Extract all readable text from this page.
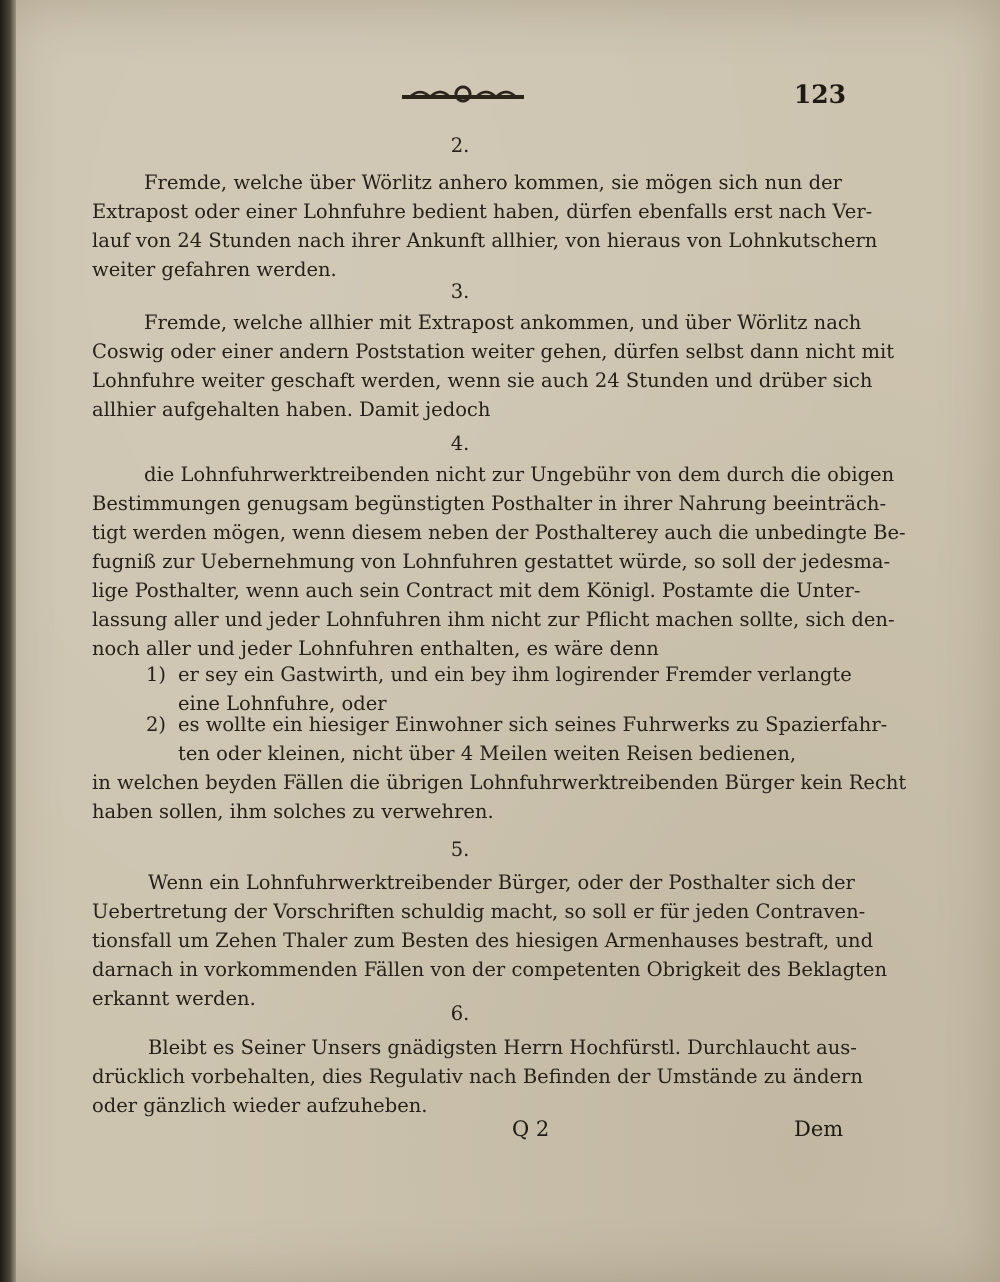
123
2.
Fremde, welche über Wörlitz anhero kommen, sie mögen sich nun der
Extrapost oder einer Lohnfuhre bedient haben, dürfen ebenfalls erst nach Ver-
lauf von 24 Stunden nach ihrer Ankunft allhier, von hieraus von Lohnkutschern
weiter gefahren werden.
3.
Fremde, welche allhier mit Extrapost ankommen, und über Wörlitz nach
Coswig oder einer andern Poststation weiter gehen, dürfen selbst dann nicht mit
Lohnfuhre weiter geschaft werden, wenn sie auch 24 Stunden und drüber sich
allhier aufgehalten haben. Damit jedoch
4.
die Lohnfuhrwerktreibenden nicht zur Ungebühr von dem durch die obigen
Bestimmungen genugsam begünstigten Posthalter in ihrer Nahrung beeinträch-
tigt werden mögen, wenn diesem neben der Posthalterey auch die unbedingte Be-
fugniß zur Uebernehmung von Lohnfuhren gestattet würde, so soll der jedesma-
lige Posthalter, wenn auch sein Contract mit dem Königl. Postamte die Unter-
lassung aller und jeder Lohnfuhren ihm nicht zur Pflicht machen sollte, sich den-
noch aller und jeder Lohnfuhren enthalten, es wäre denn
1) er sey ein Gastwirth, und ein bey ihm logirender Fremder verlangte
eine Lohnfuhre, oder
2) es wollte ein hiesiger Einwohner sich seines Fuhrwerks zu Spazierfahr-
ten oder kleinen, nicht über 4 Meilen weiten Reisen bedienen,
in welchen beyden Fällen die übrigen Lohnfuhrwerktreibenden Bürger kein Recht
haben sollen, ihm solches zu verwehren.
5.
Wenn ein Lohnfuhrwerktreibender Bürger, oder der Posthalter sich der
Uebertretung der Vorschriften schuldig macht, so soll er für jeden Contraven-
tionsfall um Zehen Thaler zum Besten des hiesigen Armenhauses bestraft, und
darnach in vorkommenden Fällen von der competenten Obrigkeit des Beklagten
erkannt werden.
6.
Bleibt es Seiner Unsers gnädigsten Herrn Hochfürstl. Durchlaucht aus-
drücklich vorbehalten, dies Regulativ nach Befinden der Umstände zu ändern
oder gänzlich wieder aufzuheben.
Q 2	Dem
